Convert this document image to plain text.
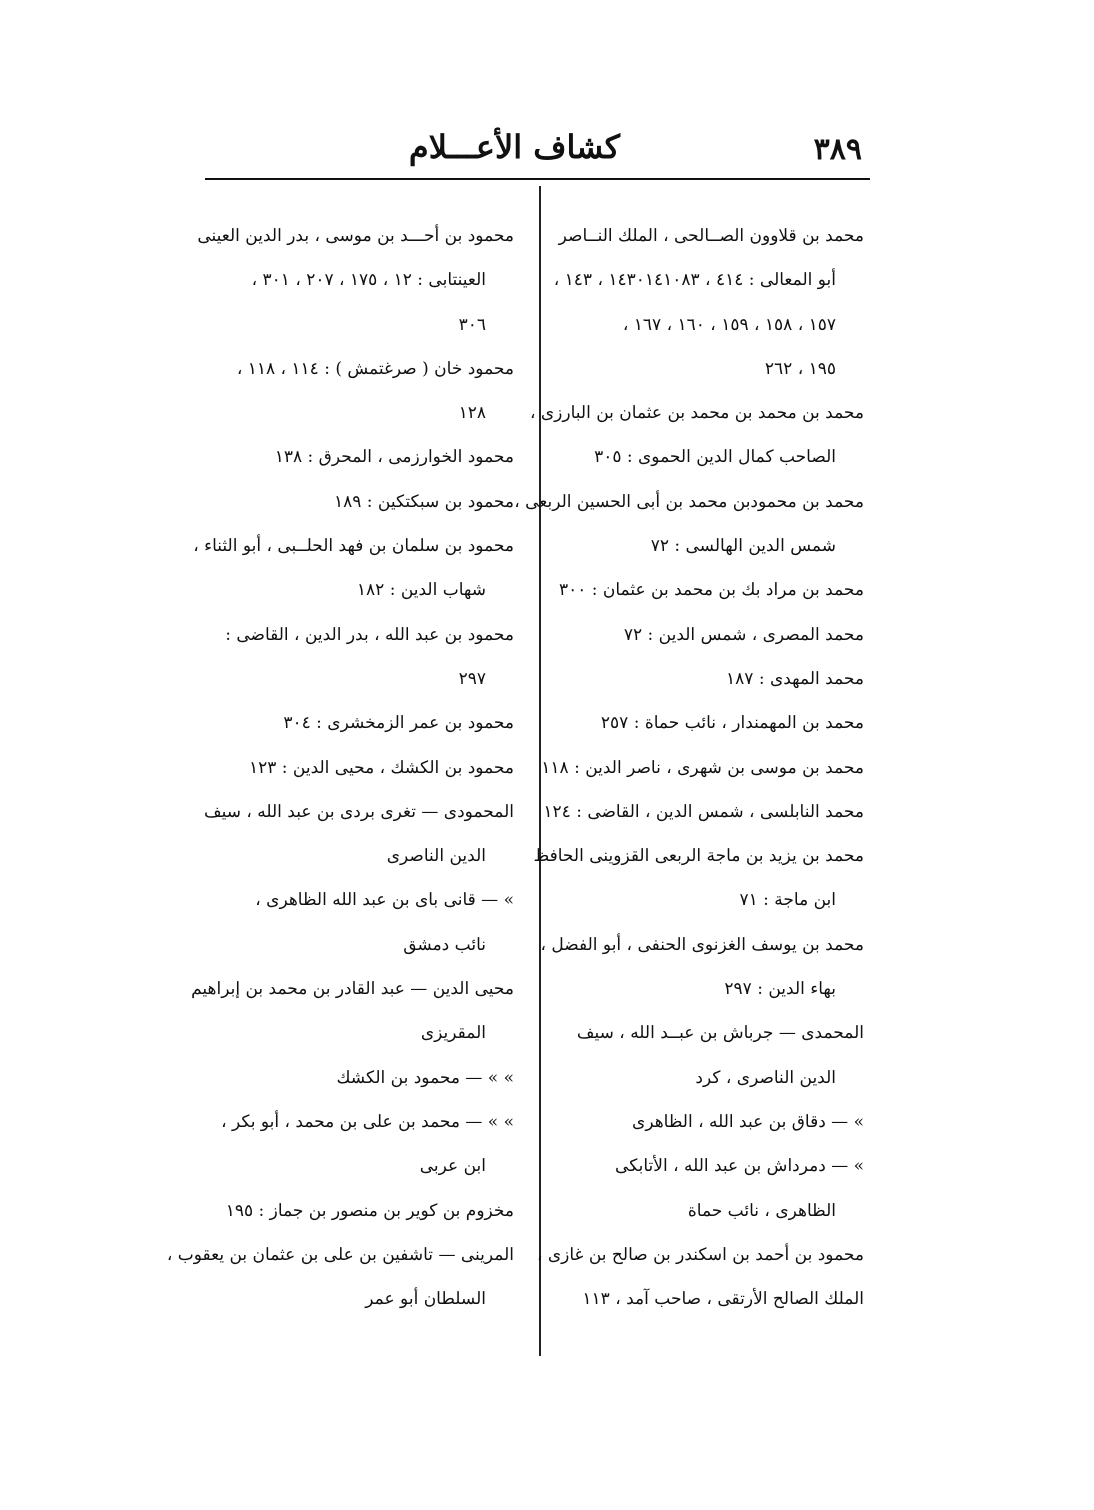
٣٨٩
كشاف الأعـــلام
محمد بن قلاوون الصــالحى ، الملك النــاصر
أبو المعالى : ٤١٤ ، ١٤٣٠١٤١٠٨٣ ، ١٤٣ ،
١٥٧ ، ١٥٨ ، ١٥٩ ، ١٦٠ ، ١٦٧ ،
١٩٥ ، ٢٦٢
محمد بن محمد بن محمد بن عثمان بن البارزى ،
الصاحب كمال الدين الحموى : ٣٠٥
محمد بن محمودبن محمد بن أبى الحسين الربعى ،
شمس الدين الهالسى : ٧٢
محمد بن مراد بك بن محمد بن عثمان : ٣٠٠
محمد المصرى ، شمس الدين : ٧٢
محمد المهدى : ١٨٧
محمد بن المهمندار ، نائب حماة : ٢٥٧
محمد بن موسى بن شهرى ، ناصر الدين : ١١٨
محمد النابلسى ، شمس الدين ، القاضى : ١٢٤
محمد بن يزيد بن ماجة الربعى القزوينى الحافظ
ابن ماجة : ٧١
محمد بن يوسف الغزنوى الحنفى ، أبو الفضل ،
بهاء الدين : ٢٩٧
المحمدى — جرباش بن عبــد الله ، سيف
الدين الناصرى ، كرد
» — دقاق بن عبد الله ، الظاهرى
» — دمرداش بن عبد الله ، الأتابكى
الظاهرى ، نائب حماة
محمود بن أحمد بن اسكندر بن صالح بن غازى ،
الملك الصالح الأرتقى ، صاحب آمد ، ١١٣
محمود بن أحـــد بن موسى ، بدر الدين العينى
العينتابى : ١٢ ، ١٧٥ ، ٢٠٧ ، ٣٠١ ،
٣٠٦
محمود خان ( صرغتمش ) : ١١٤ ، ١١٨ ،
١٢٨
محمود الخوارزمى ، المحرق : ١٣٨
محمود بن سبكتكين : ١٨٩
محمود بن سلمان بن فهد الحلــبى ، أبو الثناء ،
شهاب الدين : ١٨٢
محمود بن عبد الله ، بدر الدين ، القاضى :
٢٩٧
محمود بن عمر الزمخشرى : ٣٠٤
محمود بن الكشك ، محيى الدين : ١٢٣
المحمودى — تغرى بردى بن عبد الله ، سيف
الدين الناصرى
» — قانى باى بن عبد الله الظاهرى ،
نائب دمشق
محيى الدين — عبد القادر بن محمد بن إبراهيم
المقريزى
» » — محمود بن الكشك
» » — محمد بن على بن محمد ، أبو بكر ،
ابن عربى
مخزوم بن كوير بن منصور بن جماز : ١٩٥
المرينى — تاشفين بن على بن عثمان بن يعقوب ،
السلطان أبو عمر
